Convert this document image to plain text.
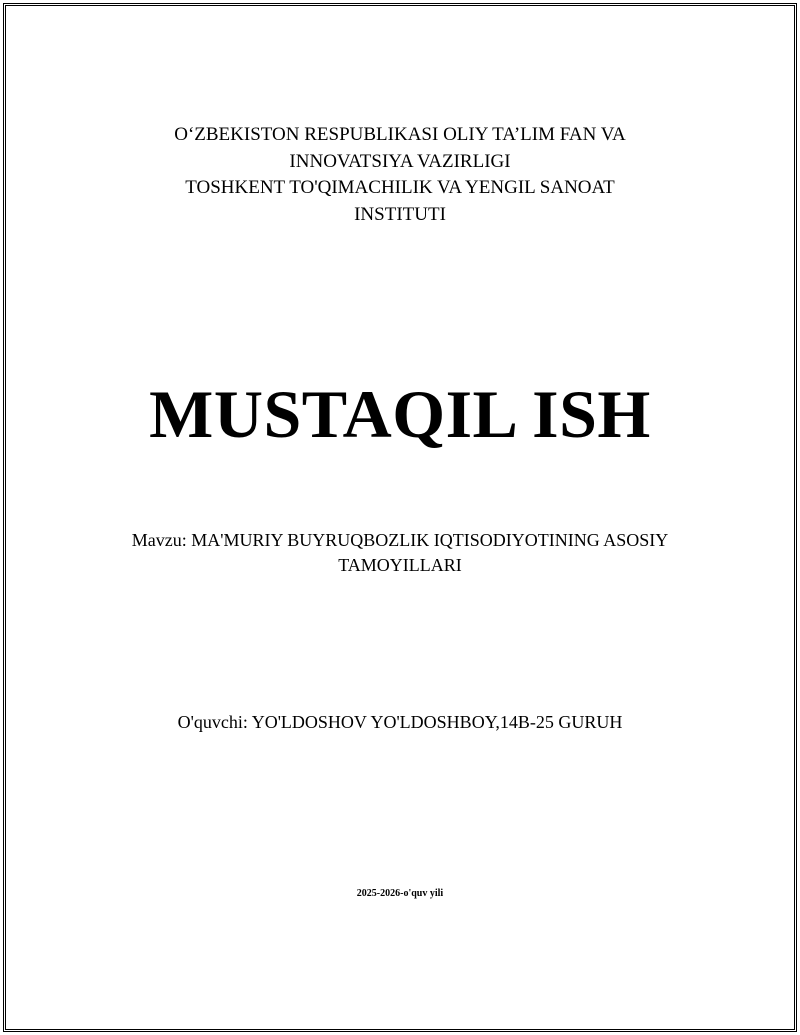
O‘ZBEKISTON RESPUBLIKASI OLIY TA’LIM FAN VA
INNOVATSIYA VAZIRLIGI
TOSHKENT TO'QIMACHILIK VA YENGIL SANOAT
INSTITUTI
MUSTAQIL ISH
Mavzu: MA'MURIY BUYRUQBOZLIK IQTISODIYOTINING ASOSIY
TAMOYILLARI
O'quvchi: YO'LDOSHOV YO'LDOSHBOY,14B-25 GURUH
2025-2026-o'quv yili
